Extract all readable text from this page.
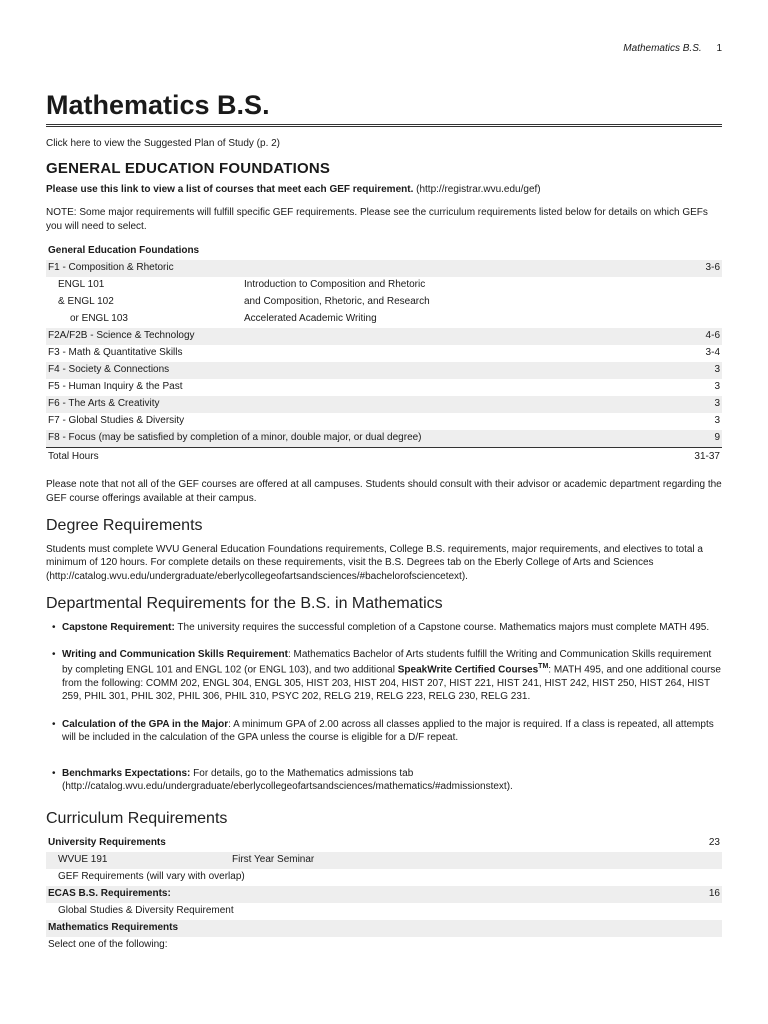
Mathematics B.S. 1
Mathematics B.S.

Click here to view the Suggested Plan of Study (p. 2)

GENERAL EDUCATION FOUNDATIONS

Please use this link to view a list of courses that meet each GEF requirement. (http://registrar.wvu.edu/gef)

NOTE: Some major requirements will fulfill specific GEF requirements. Please see the curriculum requirements listed below for details on which GEFs you will need to select.

General Education Foundations		
F1 - Composition & Rhetoric		3-6
ENGL 101	Introduction to Composition and Rhetoric	
& ENGL 102	and Composition, Rhetoric, and Research	
or ENGL 103	Accelerated Academic Writing	
F2A/F2B - Science & Technology		4-6
F3 - Math & Quantitative Skills		3-4
F4 - Society & Connections		3
F5 - Human Inquiry & the Past		3
F6 - The Arts & Creativity		3
F7 - Global Studies & Diversity		3
F8 - Focus (may be satisfied by completion of a minor, double major, or dual degree)		9
Total Hours		31-37

Please note that not all of the GEF courses are offered at all campuses. Students should consult with their advisor or academic department regarding the GEF course offerings available at their campus.

Degree Requirements

Students must complete WVU General Education Foundations requirements, College B.S. requirements, major requirements, and electives to total a minimum of 120 hours. For complete details on these requirements, visit the B.S. Degrees tab on the Eberly College of Arts and Sciences (http://catalog.wvu.edu/undergraduate/eberlycollegeofartsandsciences/#bachelorofsciencetext).

Departmental Requirements for the B.S. in Mathematics
• Capstone Requirement: The university requires the successful completion of a Capstone course. Mathematics majors must complete MATH 495.
• Writing and Communication Skills Requirement: Mathematics Bachelor of Arts students fulfill the Writing and Communication Skills requirement by completing ENGL 101 and ENGL 102 (or ENGL 103), and two additional SpeakWrite Certified Courses™: MATH 495, and one additional course from the following: COMM 202, ENGL 304, ENGL 305, HIST 203, HIST 204, HIST 207, HIST 221, HIST 241, HIST 242, HIST 250, HIST 264, HIST 259, PHIL 301, PHIL 302, PHIL 306, PHIL 310, PSYC 202, RELG 219, RELG 223, RELG 230, RELG 231.
• Calculation of the GPA in the Major: A minimum GPA of 2.00 across all classes applied to the major is required. If a class is repeated, all attempts will be included in the calculation of the GPA unless the course is eligible for a D/F repeat.
• Benchmarks Expectations: For details, go to the Mathematics admissions tab (http://catalog.wvu.edu/undergraduate/eberlycollegeofartsandsciences/mathematics/#admissionstext).
Curriculum Requirements
University Requirements		23
WVUE 191	First Year Seminar	
GEF Requirements (will vary with overlap)		
ECAS B.S. Requirements:		16
Global Studies & Diversity Requirement		
Mathematics Requirements		
Select one of the following:		
